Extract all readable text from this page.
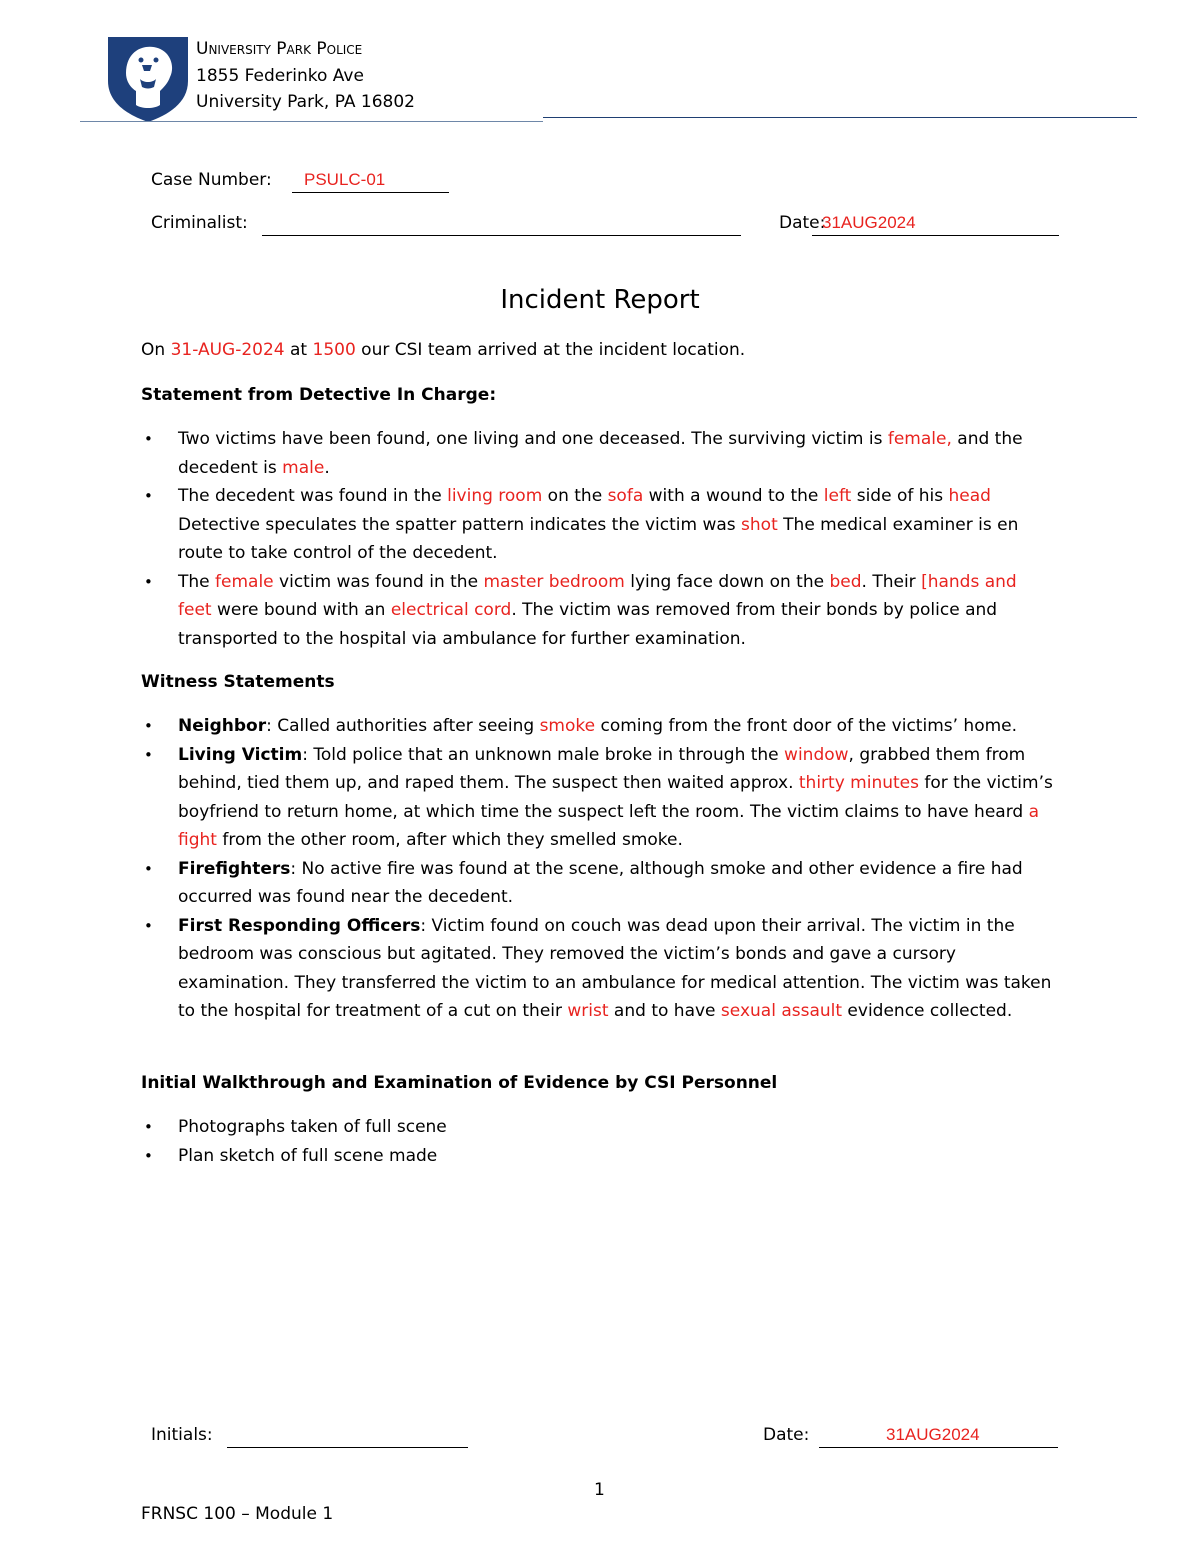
University Park Police
1855 Federinko Ave
University Park, PA 16802
Case Number: PSULC-01
Criminalist:	Date:
31AUG2024
Incident Report
On 31-AUG-2024 at 1500 our CSI team arrived at the incident location.
Statement from Detective In Charge:
• Two victims have been found, one living and one deceased. The surviving victim is female, and the decedent is male.
• The decedent was found in the living room on the sofa with a wound to the left side of his head Detective speculates the spatter pattern indicates the victim was shot The medical examiner is en route to take control of the decedent.
• The female victim was found in the master bedroom lying face down on the bed. Their [hands and feet were bound with an electrical cord. The victim was removed from their bonds by police and transported to the hospital via ambulance for further examination.
Witness Statements
• Neighbor: Called authorities after seeing smoke coming from the front door of the victims’ home.
• Living Victim: Told police that an unknown male broke in through the window, grabbed them from behind, tied them up, and raped them. The suspect then waited approx. thirty minutes for the victim’s boyfriend to return home, at which time the suspect left the room. The victim claims to have heard a fight from the other room, after which they smelled smoke.
• Firefighters: No active fire was found at the scene, although smoke and other evidence a fire had occurred was found near the decedent.
• First Responding Officers: Victim found on couch was dead upon their arrival. The victim in the bedroom was conscious but agitated. They removed the victim’s bonds and gave a cursory examination. They transferred the victim to an ambulance for medical attention. The victim was taken to the hospital for treatment of a cut on their wrist and to have sexual assault evidence collected.
Initial Walkthrough and Examination of Evidence by CSI Personnel
• Photographs taken of full scene
• Plan sketch of full scene made
Initials:	Date:	31AUG2024
1
FRNSC 100 – Module 1
